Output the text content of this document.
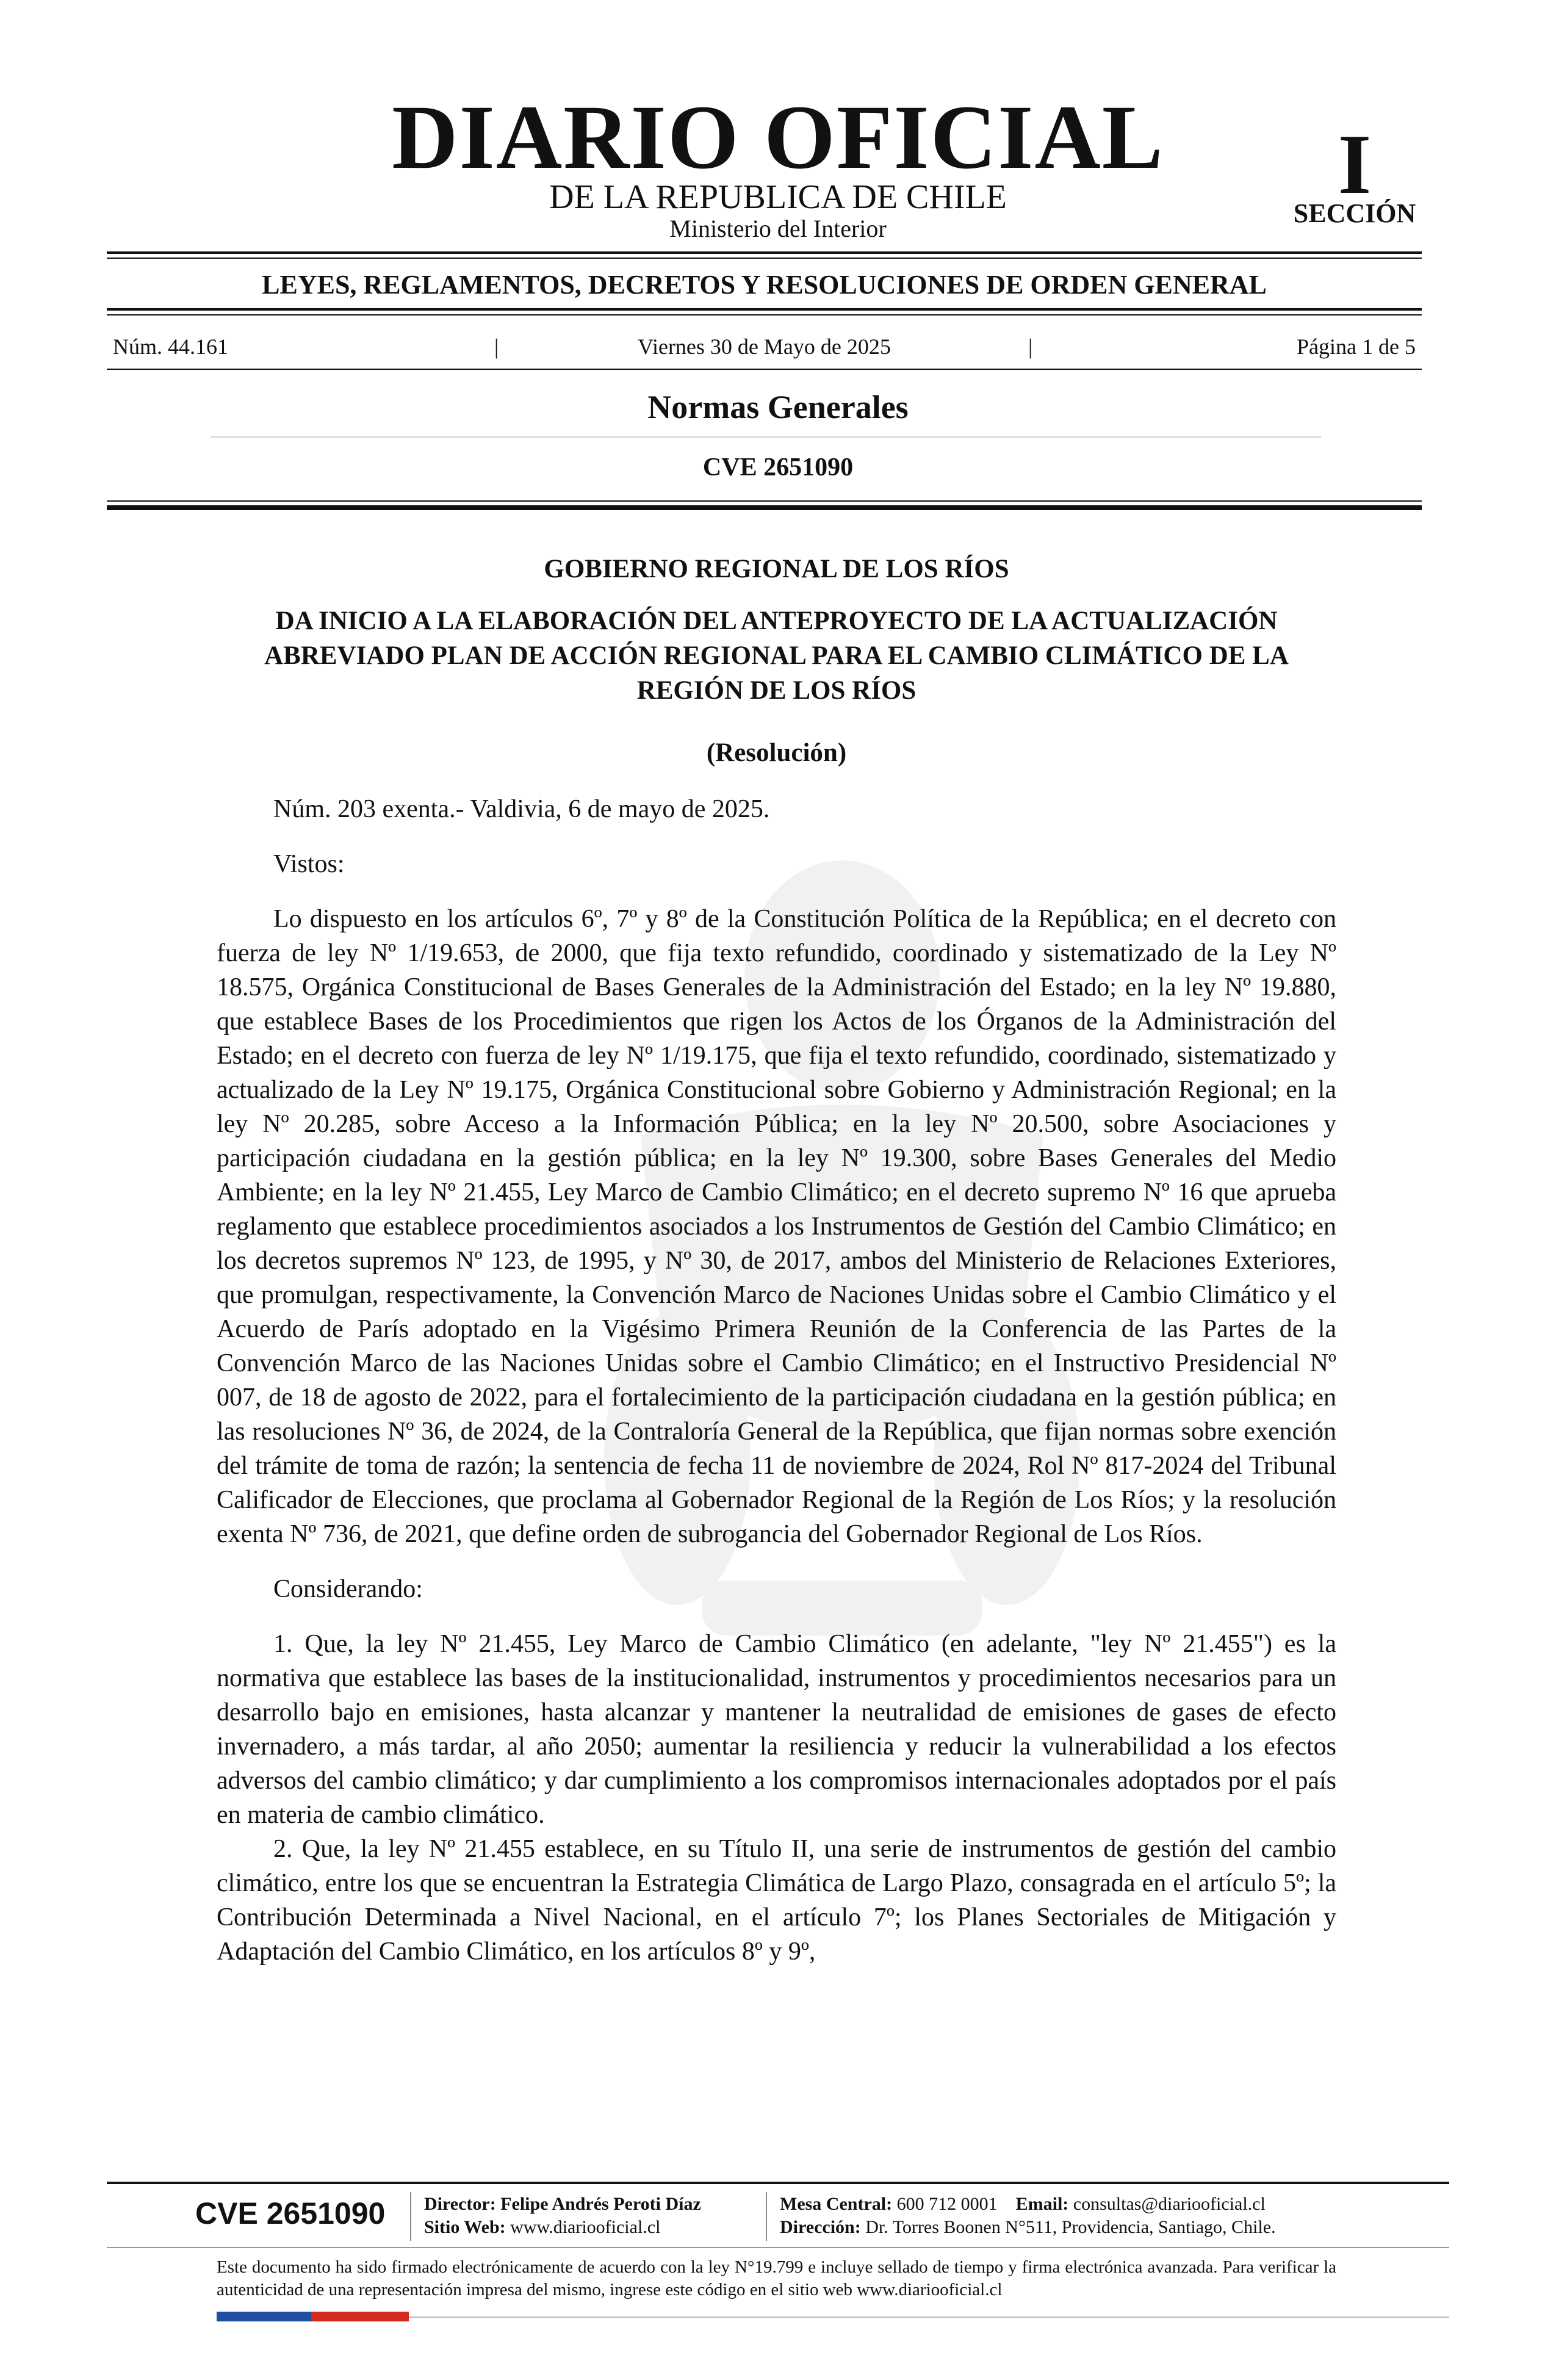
DIARIO OFICIAL
DE LA REPUBLICA DE CHILE
Ministerio del Interior
I
SECCIÓN
LEYES, REGLAMENTOS, DECRETOS Y RESOLUCIONES DE ORDEN GENERAL
Núm. 44.161	|	Viernes 30 de Mayo de 2025	|	Página 1 de 5
Normas Generales
CVE 2651090

GOBIERNO REGIONAL DE LOS RÍOS

DA INICIO A LA ELABORACIÓN DEL ANTEPROYECTO DE LA ACTUALIZACIÓN ABREVIADO PLAN DE ACCIÓN REGIONAL PARA EL CAMBIO CLIMÁTICO DE LA REGIÓN DE LOS RÍOS

(Resolución)

Núm. 203 exenta.- Valdivia, 6 de mayo de 2025.

Vistos:

Lo dispuesto en los artículos 6º, 7º y 8º de la Constitución Política de la República; en el decreto con fuerza de ley Nº 1/19.653, de 2000, que fija texto refundido, coordinado y sistematizado de la Ley Nº 18.575, Orgánica Constitucional de Bases Generales de la Administración del Estado; en la ley Nº 19.880, que establece Bases de los Procedimientos que rigen los Actos de los Órganos de la Administración del Estado; en el decreto con fuerza de ley Nº 1/19.175, que fija el texto refundido, coordinado, sistematizado y actualizado de la Ley Nº 19.175, Orgánica Constitucional sobre Gobierno y Administración Regional; en la ley Nº 20.285, sobre Acceso a la Información Pública; en la ley Nº 20.500, sobre Asociaciones y participación ciudadana en la gestión pública; en la ley Nº 19.300, sobre Bases Generales del Medio Ambiente; en la ley Nº 21.455, Ley Marco de Cambio Climático; en el decreto supremo Nº 16 que aprueba reglamento que establece procedimientos asociados a los Instrumentos de Gestión del Cambio Climático; en los decretos supremos Nº 123, de 1995, y Nº 30, de 2017, ambos del Ministerio de Relaciones Exteriores, que promulgan, respectivamente, la Convención Marco de Naciones Unidas sobre el Cambio Climático y el Acuerdo de París adoptado en la Vigésimo Primera Reunión de la Conferencia de las Partes de la Convención Marco de las Naciones Unidas sobre el Cambio Climático; en el Instructivo Presidencial Nº 007, de 18 de agosto de 2022, para el fortalecimiento de la participación ciudadana en la gestión pública; en las resoluciones Nº 36, de 2024, de la Contraloría General de la República, que fijan normas sobre exención del trámite de toma de razón; la sentencia de fecha 11 de noviembre de 2024, Rol Nº 817-2024 del Tribunal Calificador de Elecciones, que proclama al Gobernador Regional de la Región de Los Ríos; y la resolución exenta Nº 736, de 2021, que define orden de subrogancia del Gobernador Regional de Los Ríos.

Considerando:

1. Que, la ley Nº 21.455, Ley Marco de Cambio Climático (en adelante, "ley Nº 21.455") es la normativa que establece las bases de la institucionalidad, instrumentos y procedimientos necesarios para un desarrollo bajo en emisiones, hasta alcanzar y mantener la neutralidad de emisiones de gases de efecto invernadero, a más tardar, al año 2050; aumentar la resiliencia y reducir la vulnerabilidad a los efectos adversos del cambio climático; y dar cumplimiento a los compromisos internacionales adoptados por el país en materia de cambio climático.

2. Que, la ley Nº 21.455 establece, en su Título II, una serie de instrumentos de gestión del cambio climático, entre los que se encuentran la Estrategia Climática de Largo Plazo, consagrada en el artículo 5º; la Contribución Determinada a Nivel Nacional, en el artículo 7º; los Planes Sectoriales de Mitigación y Adaptación del Cambio Climático, en los artículos 8º y 9º,

CVE 2651090 Director: Felipe Andrés Peroti Díaz
Sitio Web: www.diariooficial.cl
Mesa Central: 600 712 0001 Email: consultas@diariooficial.cl
Dirección: Dr. Torres Boonen N°511, Providencia, Santiago, Chile.
Este documento ha sido firmado electrónicamente de acuerdo con la ley N°19.799 e incluye sellado de tiempo y firma electrónica avanzada. Para verificar la autenticidad de una representación impresa del mismo, ingrese este código en el sitio web www.diariooficial.cl
